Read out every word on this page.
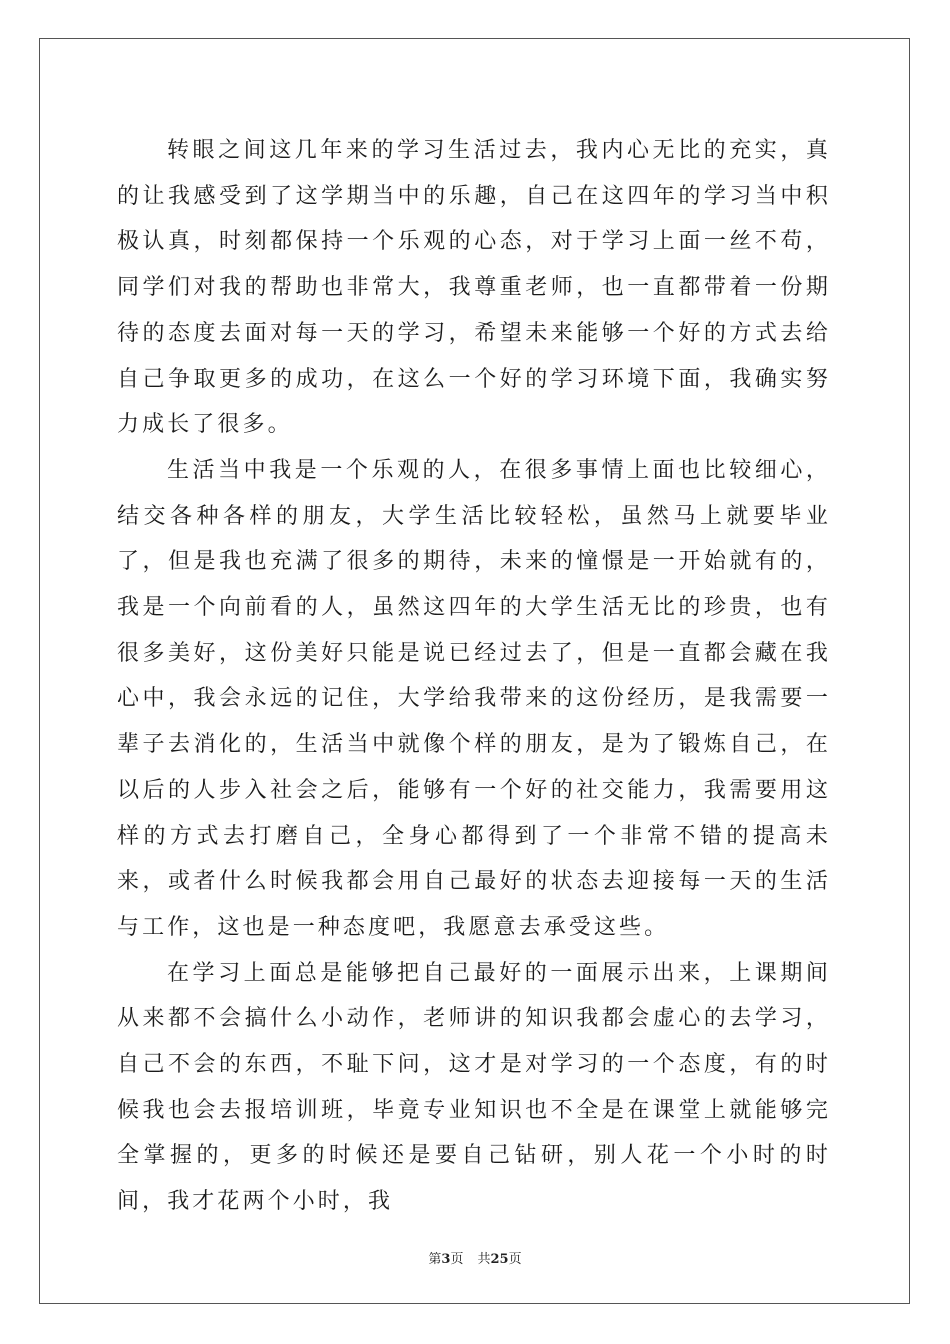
转眼之间这几年来的学习生活过去，我内心无比的充实，真的让我感受到了这学期当中的乐趣，自己在这四年的学习当中积极认真，时刻都保持一个乐观的心态，对于学习上面一丝不苟，同学们对我的帮助也非常大，我尊重老师，也一直都带着一份期待的态度去面对每一天的学习，希望未来能够一个好的方式去给自己争取更多的成功，在这么一个好的学习环境下面，我确实努力成长了很多。

生活当中我是一个乐观的人，在很多事情上面也比较细心，结交各种各样的朋友，大学生活比较轻松，虽然马上就要毕业了，但是我也充满了很多的期待，未来的憧憬是一开始就有的，我是一个向前看的人，虽然这四年的大学生活无比的珍贵，也有很多美好，这份美好只能是说已经过去了，但是一直都会藏在我心中，我会永远的记住，大学给我带来的这份经历，是我需要一辈子去消化的，生活当中就像个样的朋友，是为了锻炼自己，在以后的人步入社会之后，能够有一个好的社交能力，我需要用这样的方式去打磨自己，全身心都得到了一个非常不错的提高未来，或者什么时候我都会用自己最好的状态去迎接每一天的生活与工作，这也是一种态度吧，我愿意去承受这些。

在学习上面总是能够把自己最好的一面展示出来，上课期间从来都不会搞什么小动作，老师讲的知识我都会虚心的去学习，自己不会的东西，不耻下问，这才是对学习的一个态度，有的时候我也会去报培训班，毕竟专业知识也不全是在课堂上就能够完全掌握的，更多的时候还是要自己钻研，别人花一个小时的时间，我才花两个小时，我

第3页 共25页
